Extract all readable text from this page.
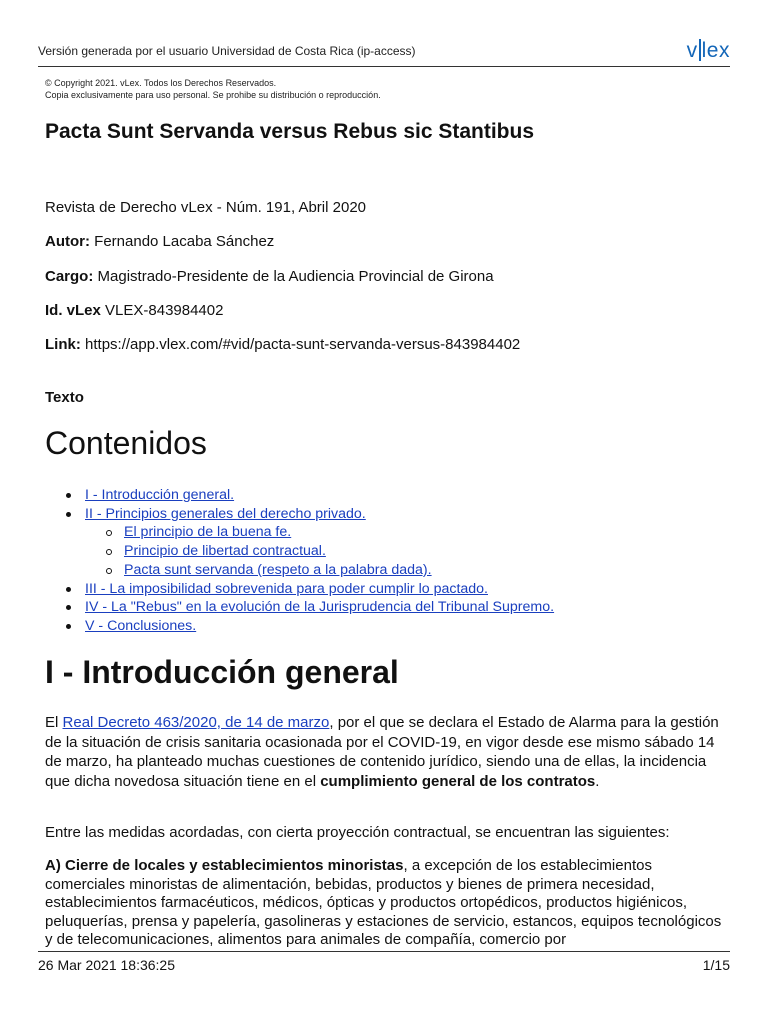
Versión generada por el usuario Universidad de Costa Rica (ip-access)	v lex
© Copyright 2021. vLex. Todos los Derechos Reservados.
Copia exclusivamente para uso personal. Se prohibe su distribución o reproducción.
Pacta Sunt Servanda versus Rebus sic Stantibus

Revista de Derecho vLex - Núm. 191, Abril 2020

Autor: Fernando Lacaba Sánchez

Cargo: Magistrado-Presidente de la Audiencia Provincial de Girona

Id. vLex VLEX-843984402

Link: https://app.vlex.com/#vid/pacta-sunt-servanda-versus-843984402

Texto
Contenidos
I - Introducción general.
II - Principios generales del derecho privado.
El principio de la buena fe.
Principio de libertad contractual.
Pacta sunt servanda (respeto a la palabra dada).
III - La imposibilidad sobrevenida para poder cumplir lo pactado.
IV - La "Rebus" en la evolución de la Jurisprudencia del Tribunal Supremo.
V - Conclusiones.
I - Introducción general

El Real Decreto 463/2020, de 14 de marzo, por el que se declara el Estado de Alarma para la gestión de la situación de crisis sanitaria ocasionada por el COVID-19, en vigor desde ese mismo sábado 14 de marzo, ha planteado muchas cuestiones de contenido jurídico, siendo una de ellas, la incidencia que dicha novedosa situación tiene en el cumplimiento general de los contratos.

Entre las medidas acordadas, con cierta proyección contractual, se encuentran las siguientes:

A) Cierre de locales y establecimientos minoristas, a excepción de los establecimientos comerciales minoristas de alimentación, bebidas, productos y bienes de primera necesidad, establecimientos farmacéuticos, médicos, ópticas y productos ortopédicos, productos higiénicos, peluquerías, prensa y papelería, gasolineras y estaciones de servicio, estancos, equipos tecnológicos y de telecomunicaciones, alimentos para animales de compañía, comercio por

26 Mar 2021 18:36:25	1/15
